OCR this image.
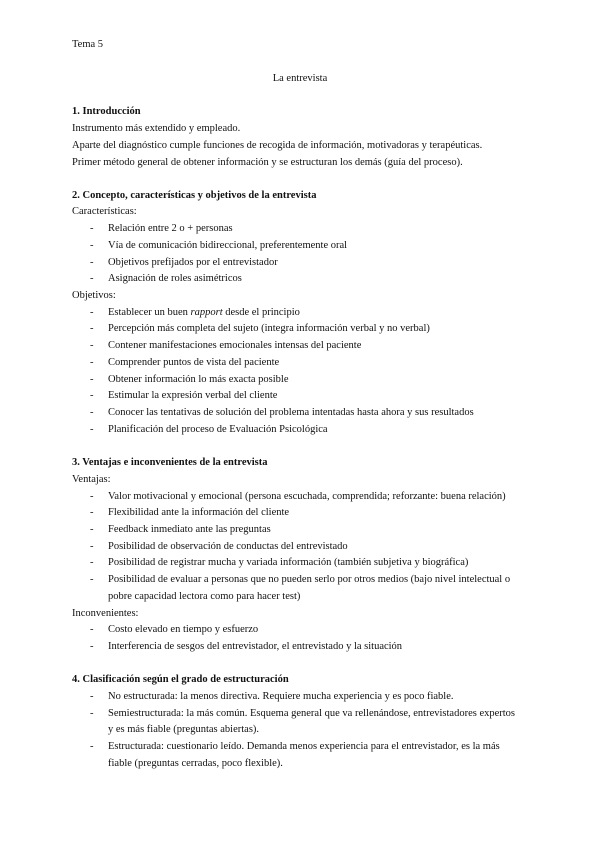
Tema 5
La entrevista
1. Introducción
Instrumento más extendido y empleado.
Aparte del diagnóstico cumple funciones de recogida de información, motivadoras y terapéuticas.
Primer método general de obtener información y se estructuran los demás (guía del proceso).
2. Concepto, características y objetivos de la entrevista
Características:
- Relación entre 2 o + personas
- Vía de comunicación bidireccional, preferentemente oral
- Objetivos prefijados por el entrevistador
- Asignación de roles asimétricos
Objetivos:
- Establecer un buen rapport desde el principio
- Percepción más completa del sujeto (integra información verbal y no verbal)
- Contener manifestaciones emocionales intensas del paciente
- Comprender puntos de vista del paciente
- Obtener información lo más exacta posible
- Estimular la expresión verbal del cliente
- Conocer las tentativas de solución del problema intentadas hasta ahora y sus resultados
- Planificación del proceso de Evaluación Psicológica
3. Ventajas e inconvenientes de la entrevista
Ventajas:
- Valor motivacional y emocional (persona escuchada, comprendida; reforzante: buena relación)
- Flexibilidad ante la información del cliente
- Feedback inmediato ante las preguntas
- Posibilidad de observación de conductas del entrevistado
- Posibilidad de registrar mucha y variada información (también subjetiva y biográfica)
- Posibilidad de evaluar a personas que no pueden serlo por otros medios (bajo nivel intelectual o
pobre capacidad lectora como para hacer test)
Inconvenientes:
- Costo elevado en tiempo y esfuerzo
- Interferencia de sesgos del entrevistador, el entrevistado y la situación
4. Clasificación según el grado de estructuración
- No estructurada: la menos directiva. Requiere mucha experiencia y es poco fiable.
- Semiestructurada: la más común. Esquema general que va rellenándose, entrevistadores expertos
y es más fiable (preguntas abiertas).
- Estructurada: cuestionario leído. Demanda menos experiencia para el entrevistador, es la más
fiable (preguntas cerradas, poco flexible).
